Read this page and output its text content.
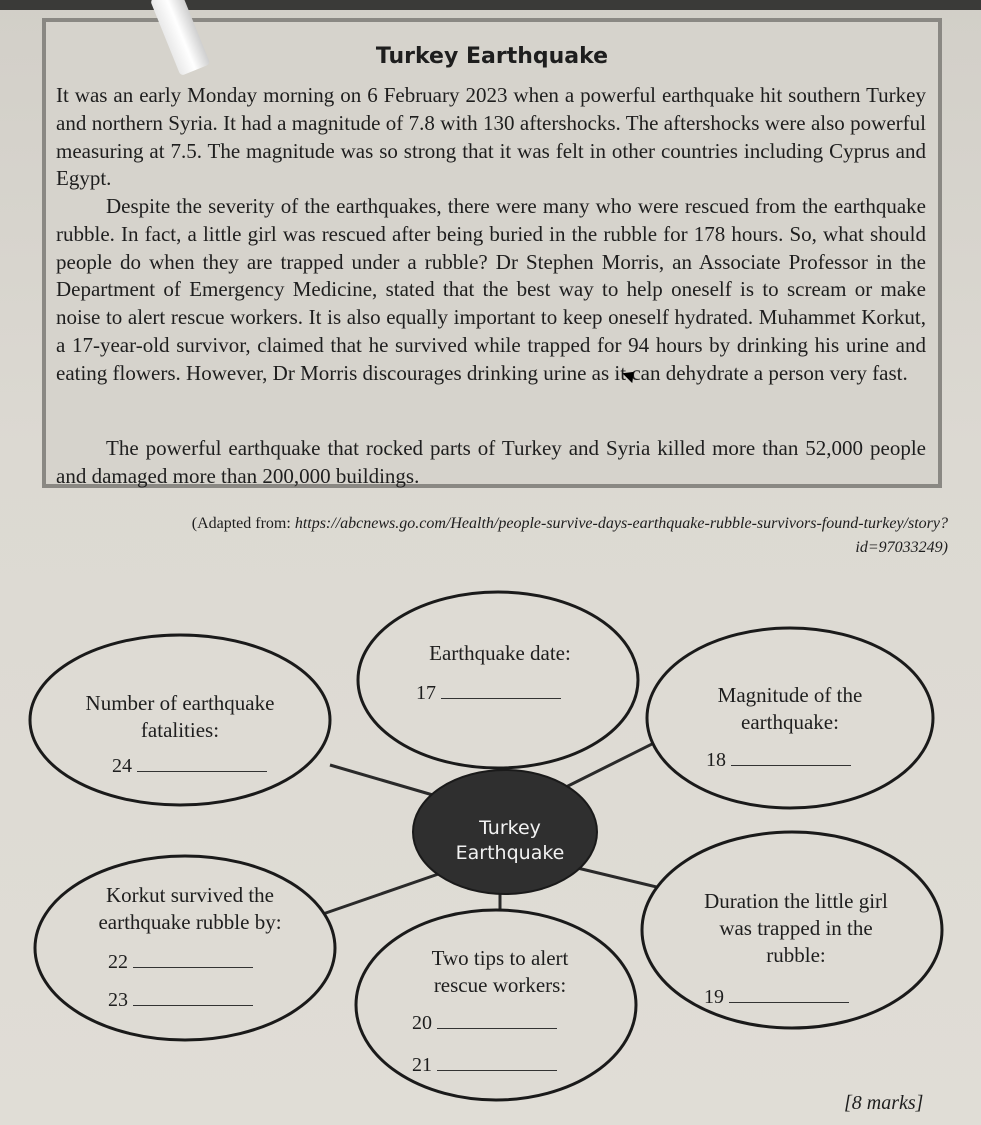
Turkey Earthquake

It was an early Monday morning on 6 February 2023 when a powerful earthquake hit southern Turkey and northern Syria. It had a magnitude of 7.8 with 130 aftershocks. The aftershocks were also powerful measuring at 7.5. The magnitude was so strong that it was felt in other countries including Cyprus and Egypt.

Despite the severity of the earthquakes, there were many who were rescued from the earthquake rubble. In fact, a little girl was rescued after being buried in the rubble for 178 hours. So, what should people do when they are trapped under a rubble? Dr Stephen Morris, an Associate Professor in the Department of Emergency Medicine, stated that the best way to help oneself is to scream or make noise to alert rescue workers. It is also equally important to keep oneself hydrated. Muhammet Korkut, a 17-year-old survivor, claimed that he survived while trapped for 94 hours by drinking his urine and eating flowers. However, Dr Morris discourages drinking urine as it can dehydrate a person very fast.

The powerful earthquake that rocked parts of Turkey and Syria killed more than 52,000 people and damaged more than 200,000 buildings.

(Adapted from: https://abcnews.go.com/Health/people-survive-days-earthquake-rubble-survivors-found-turkey/story?id=97033249)
Turkey
Earthquake
Earthquake date:
17
Number of earthquake
fatalities:
24
Magnitude of the
earthquake:
18
Korkut survived the
earthquake rubble by:
22
23
Two tips to alert
rescue workers:
20
21
Duration the little girl
was trapped in the
rubble:
19
[8 marks]
